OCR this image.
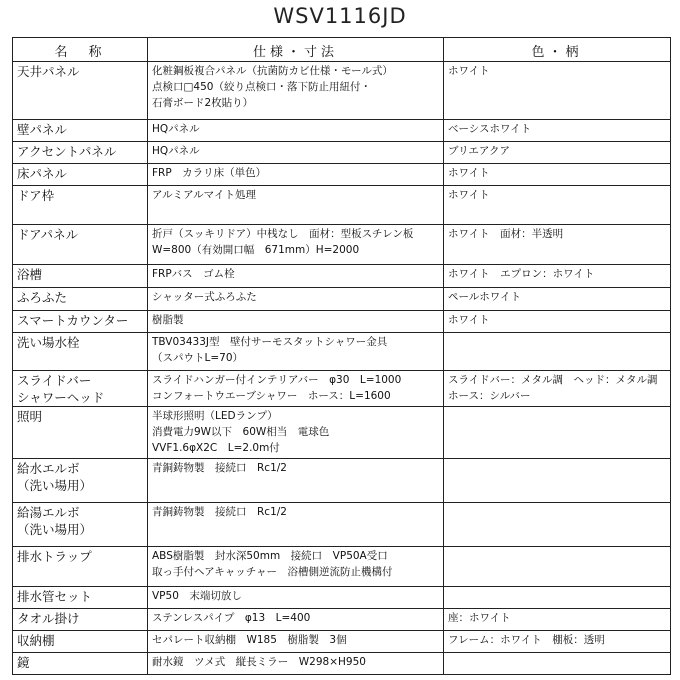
WSV1116JD
名　称	仕様・寸法	色・柄

天井パネル	化粧鋼板複合パネル（抗菌防カビ仕様・モール式）
点検口□450（絞り点検口・落下防止用紐付・
石膏ボード2枚貼り）	ホワイト

壁パネル	HQパネル	ベーシスホワイト

アクセントパネル	HQパネル	ブリエアクア

床パネル	FRP　カラリ床（単色）	ホワイト

ドア枠	アルミアルマイト処理	ホワイト

ドアパネル	折戸（スッキリドア）中桟なし　面材：型板スチレン板
W=800（有効開口幅　671mm）H=2000	ホワイト　面材：半透明

浴槽	FRPバス　ゴム栓	ホワイト　エプロン：ホワイト

ふろふた	シャッター式ふろふた	ペールホワイト

スマートカウンター	樹脂製	ホワイト

洗い場水栓	TBV03433J型　壁付サーモスタットシャワー金具
（スパウトL=70）	

スライドバー
シャワーヘッド	スライドハンガー付インテリアバー　φ30　L=1000
コンフォートウエーブシャワー　ホース：L=1600	スライドバー：メタル調　ヘッド：メタル調
ホース：シルバー

照明	半球形照明（LEDランプ）
消費電力9W以下　60W相当　電球色
VVF1.6φX2C　L=2.0m付	

給水エルボ
（洗い場用）	青銅鋳物製　接続口　Rc1/2	

給湯エルボ
（洗い場用）	青銅鋳物製　接続口　Rc1/2	

排水トラップ	ABS樹脂製　封水深50mm　接続口　VP50A受口
取っ手付ヘアキャッチャー　浴槽側逆流防止機構付	

排水管セット	VP50　末端切放し	

タオル掛け	ステンレスパイプ　φ13　L=400	座：ホワイト

収納棚	セパレート収納棚　W185　樹脂製　3個	フレーム：ホワイト　棚板：透明

鏡	耐水鏡　ツメ式　縦長ミラー　W298×H950	
